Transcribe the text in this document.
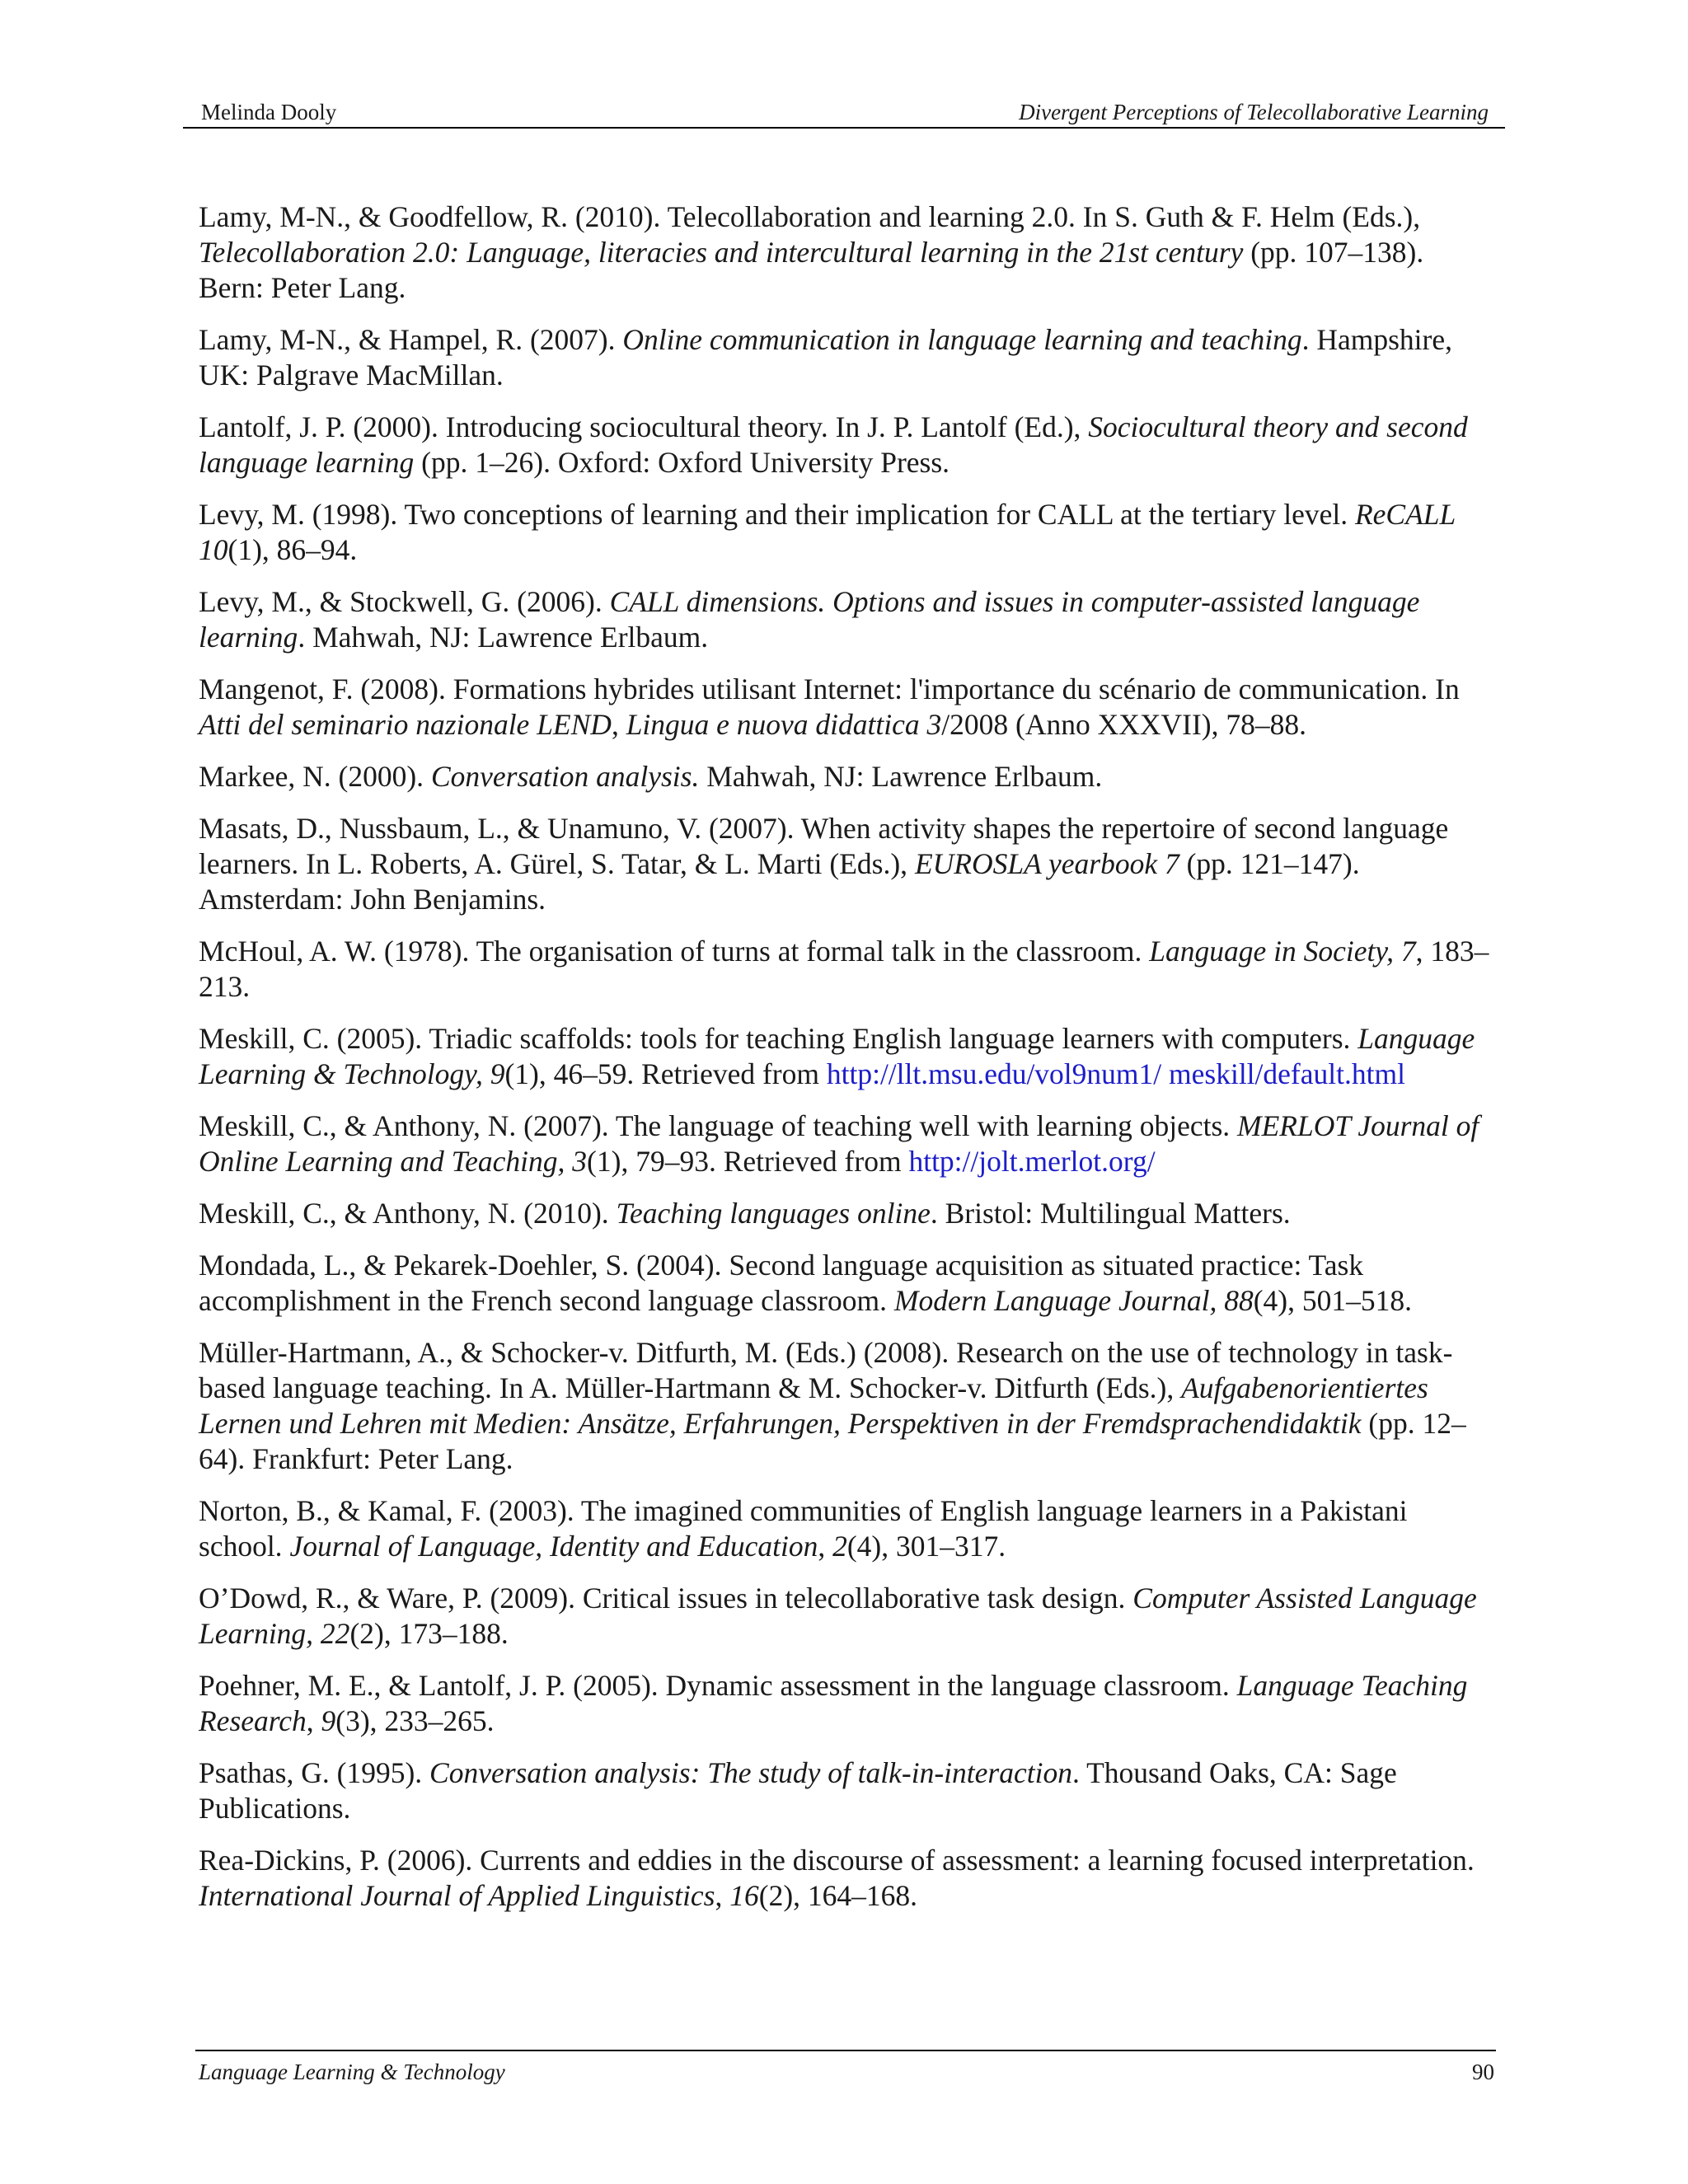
Melinda Dooly	Divergent Perceptions of Telecollaborative Learning

Lamy, M-N., & Goodfellow, R. (2010). Telecollaboration and learning 2.0. In S. Guth & F. Helm (Eds.), Telecollaboration 2.0: Language, literacies and intercultural learning in the 21st century (pp. 107–138). Bern: Peter Lang.

Lamy, M-N., & Hampel, R. (2007). Online communication in language learning and teaching. Hampshire, UK: Palgrave MacMillan.

Lantolf, J. P. (2000). Introducing sociocultural theory. In J. P. Lantolf (Ed.), Sociocultural theory and second language learning (pp. 1–26). Oxford: Oxford University Press.

Levy, M. (1998). Two conceptions of learning and their implication for CALL at the tertiary level. ReCALL 10(1), 86–94.

Levy, M., & Stockwell, G. (2006). CALL dimensions. Options and issues in computer-assisted language learning. Mahwah, NJ: Lawrence Erlbaum.

Mangenot, F. (2008). Formations hybrides utilisant Internet: l'importance du scénario de communication. In Atti del seminario nazionale LEND, Lingua e nuova didattica 3/2008 (Anno XXXVII), 78–88.

Markee, N. (2000). Conversation analysis. Mahwah, NJ: Lawrence Erlbaum.

Masats, D., Nussbaum, L., & Unamuno, V. (2007). When activity shapes the repertoire of second language learners. In L. Roberts, A. Gürel, S. Tatar, & L. Marti (Eds.), EUROSLA yearbook 7 (pp. 121–147). Amsterdam: John Benjamins.

McHoul, A. W. (1978). The organisation of turns at formal talk in the classroom. Language in Society, 7, 183–213.

Meskill, C. (2005). Triadic scaffolds: tools for teaching English language learners with computers. Language Learning & Technology, 9(1), 46–59. Retrieved from http://llt.msu.edu/vol9num1/ meskill/default.html

Meskill, C., & Anthony, N. (2007). The language of teaching well with learning objects. MERLOT Journal of Online Learning and Teaching, 3(1), 79–93. Retrieved from http://jolt.merlot.org/

Meskill, C., & Anthony, N. (2010). Teaching languages online. Bristol: Multilingual Matters.

Mondada, L., & Pekarek-Doehler, S. (2004). Second language acquisition as situated practice: Task accomplishment in the French second language classroom. Modern Language Journal, 88(4), 501–518.

Müller-Hartmann, A., & Schocker-v. Ditfurth, M. (Eds.) (2008). Research on the use of technology in task-based language teaching. In A. Müller-Hartmann & M. Schocker-v. Ditfurth (Eds.), Aufgabenorientiertes Lernen und Lehren mit Medien: Ansätze, Erfahrungen, Perspektiven in der Fremdsprachendidaktik (pp. 12–64). Frankfurt: Peter Lang.

Norton, B., & Kamal, F. (2003). The imagined communities of English language learners in a Pakistani school. Journal of Language, Identity and Education, 2(4), 301–317.

O’Dowd, R., & Ware, P. (2009). Critical issues in telecollaborative task design. Computer Assisted Language Learning, 22(2), 173–188.

Poehner, M. E., & Lantolf, J. P. (2005). Dynamic assessment in the language classroom. Language Teaching Research, 9(3), 233–265.

Psathas, G. (1995). Conversation analysis: The study of talk-in-interaction. Thousand Oaks, CA: Sage Publications.

Rea-Dickins, P. (2006). Currents and eddies in the discourse of assessment: a learning focused interpretation. International Journal of Applied Linguistics, 16(2), 164–168.

Language Learning & Technology	90
